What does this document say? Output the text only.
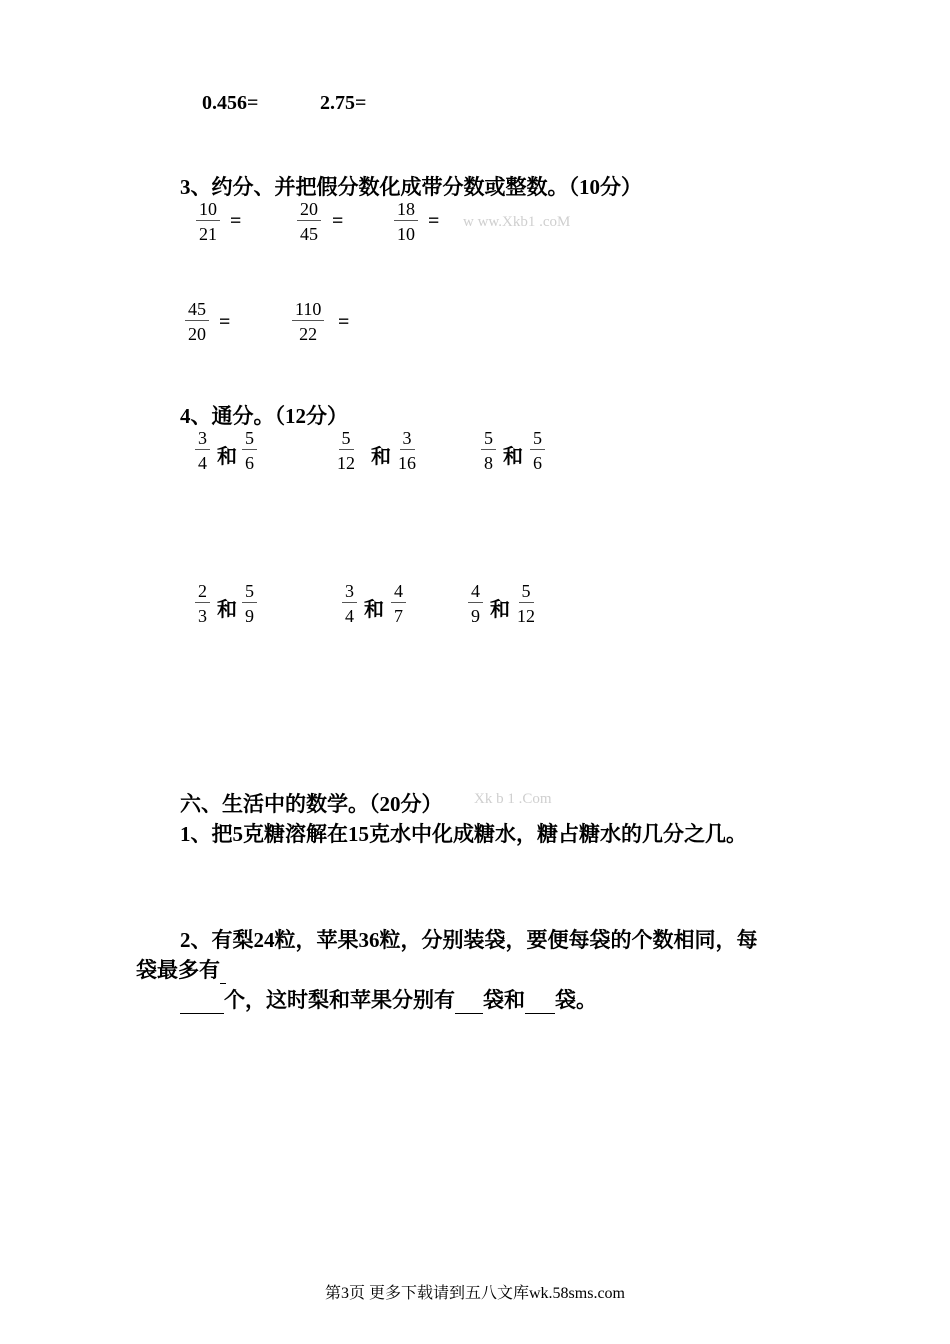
0.456=	2.75=
3、约分、并把假分数化成带分数或整数。（10分）
$\frac{10}{21}$ =	$\frac{20}{45}$ =	$\frac{18}{10} = w$ ww.Xkb1 .coM
$\frac{45}{20}$ =	$\frac{110}{22}$ =
4、通分。（12分）
$\frac{3}{4}$ 和 $\frac{5}{6}$	$\frac{5}{12}$ 和 $\frac{3}{16}$	$\frac{5}{8}$ 和 $\frac{5}{6}$
$\frac{2}{3}$ 和 $\frac{5}{9}$	$\frac{3}{4}$ 和 $\frac{4}{7}$	$\frac{4}{9}$ 和 $\frac{5}{12}$
六、生活中的数学。（20分） Xk b 1 .Com
1、把5克糖溶解在15克水中化成糖水，糖占糖水的几分之几。
2、有梨24粒，苹果36粒，分别装袋，要便每袋的个数相同，每
袋最多有
个，这时梨和苹果分别有 袋和 袋。
第3页 更多下载请到五八文库wk.58sms.com
